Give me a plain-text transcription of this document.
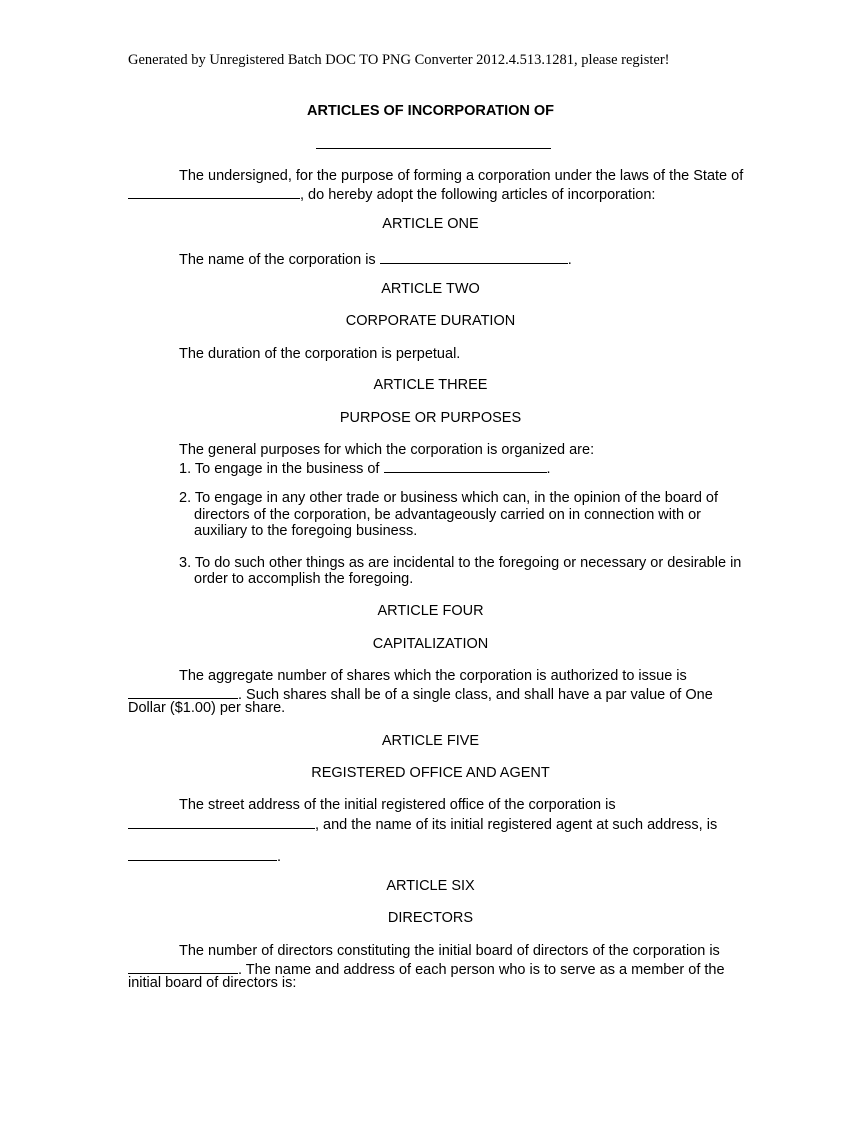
Generated by Unregistered Batch DOC TO PNG Converter 2012.4.513.1281, please register!
ARTICLES OF INCORPORATION OF
The undersigned, for the purpose of forming a corporation under the laws of the State of
, do hereby adopt the following articles of incorporation:
ARTICLE ONE
The name of the corporation is	.
ARTICLE TWO
CORPORATE DURATION
The duration of the corporation is perpetual.
ARTICLE THREE
PURPOSE OR PURPOSES
The general purposes for which the corporation is organized are:
1. To engage in the business of	.
2. To engage in any other trade or business which can, in the opinion of the board of
directors of the corporation, be advantageously carried on in connection with or
auxiliary to the foregoing business.
3. To do such other things as are incidental to the foregoing or necessary or desirable in
order to accomplish the foregoing.
ARTICLE FOUR
CAPITALIZATION
The aggregate number of shares which the corporation is authorized to issue is
. Such shares shall be of a single class, and shall have a par value of One
Dollar ($1.00) per share.
ARTICLE FIVE
REGISTERED OFFICE AND AGENT
The street address of the initial registered office of the corporation is
, and the name of its initial registered agent at such address, is
.
ARTICLE SIX
DIRECTORS
The number of directors constituting the initial board of directors of the corporation is
. The name and address of each person who is to serve as a member of the
initial board of directors is:
